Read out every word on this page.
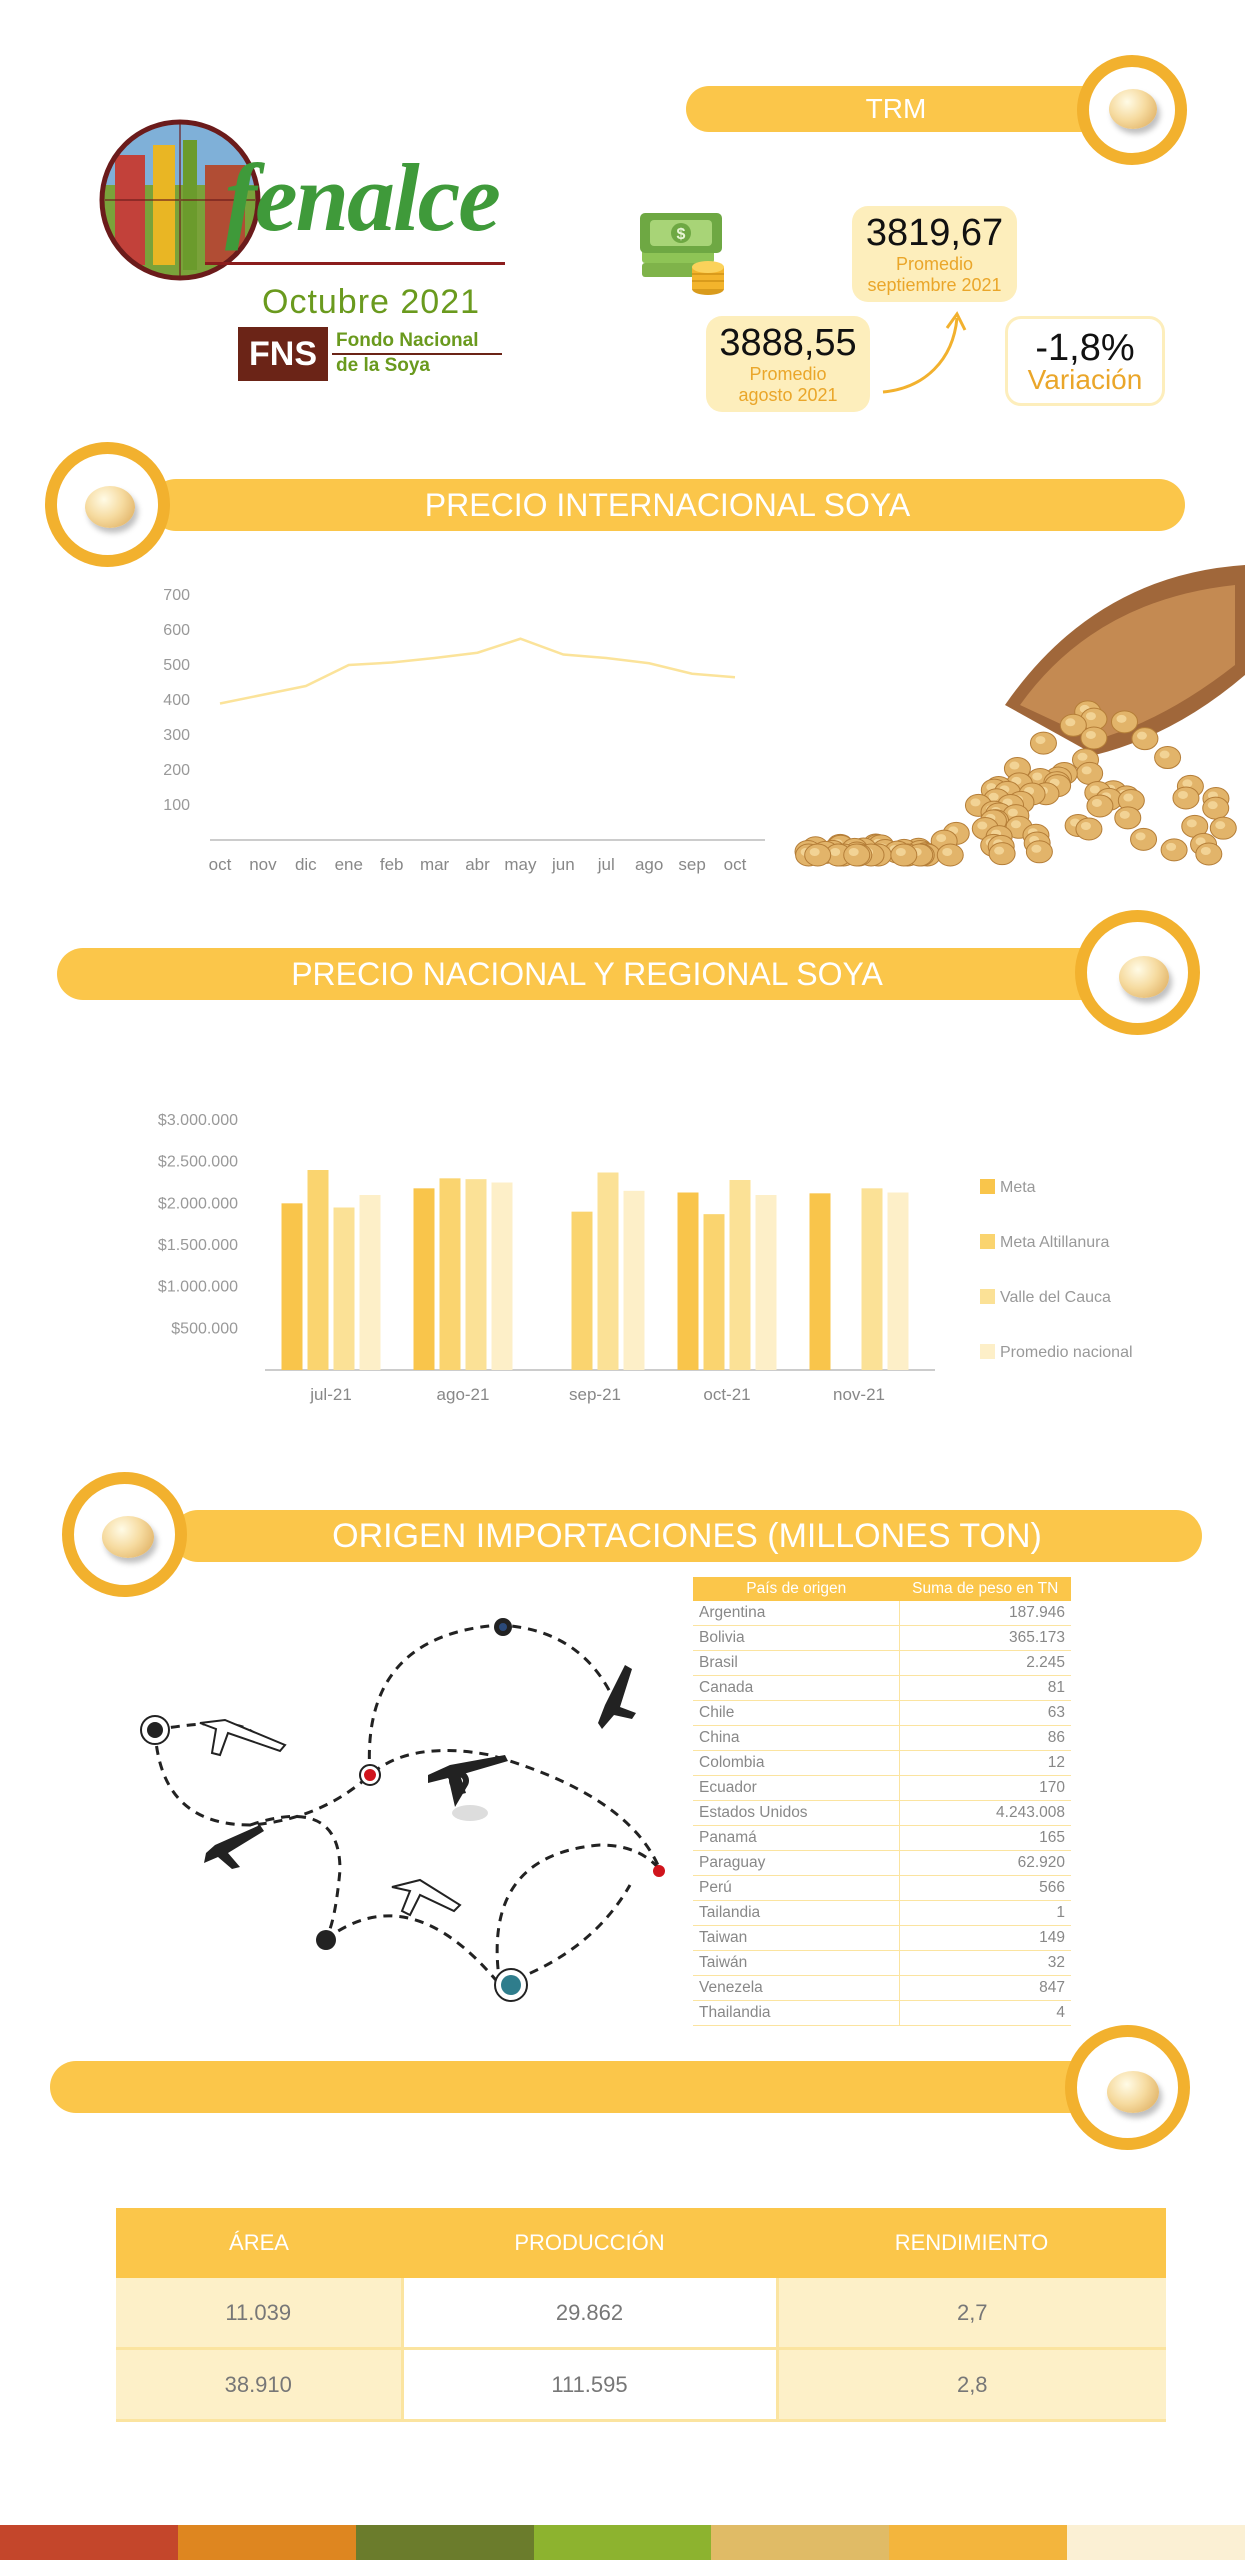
fenalce
Octubre 2021
FNS	Fondo Nacional
de la Soya
TRM
$	3819,67
Promedio
septiembre 2021
3888,55
Promedio
agosto 2021
-1,8%
Variación
PRECIO INTERNACIONAL SOYA
100
200
300
400
500
600
700
oct nov dic ene feb mar abr may jun jul ago sep oct
PRECIO NACIONAL Y REGIONAL SOYA
$500.000
$1.000.000
$1.500.000
$2.000.000
$2.500.000
$3.000.000
jul-21	ago-21	sep-21	oct-21	nov-21
Meta
Meta Altillanura
Valle del Cauca
Promedio nacional
ORIGEN IMPORTACIONES (MILLONES TON)
País de origen	Suma de peso en TN
Argentina	187.946
Bolivia	365.173
Brasil	2.245
Canada	81
Chile	63
China	86
Colombia	12
Ecuador	170
Estados Unidos	4.243.008
Panamá	165
Paraguay	62.920
Perú	566
Tailandia	1
Taiwan	149
Taiwán	32
Venezela	847
Thailandia	4
ÁREA	PRODUCCIÓN	RENDIMIENTO
11.039	29.862	2,7
38.910	111.595	2,8
